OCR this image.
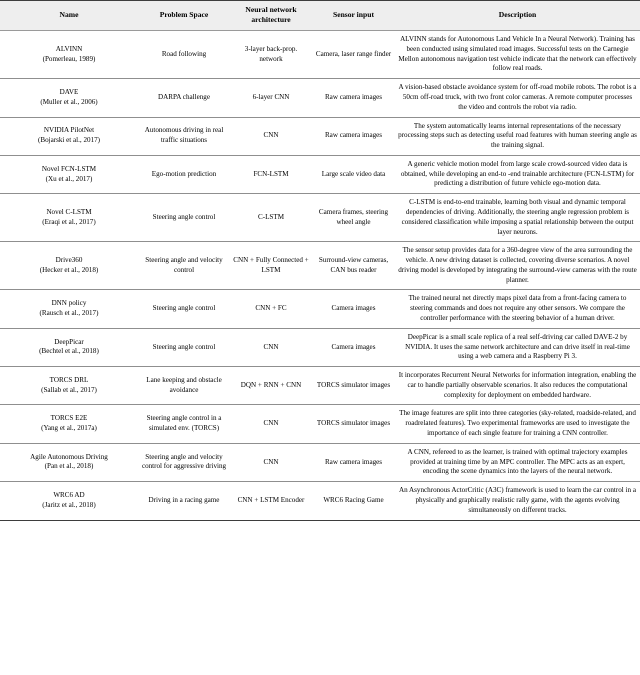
Name	Problem Space	Neural network architecture	Sensor input	Description

ALVINN
(Pomerleau, 1989)	Road following	3-layer back-prop. network	Camera, laser range finder	ALVINN stands for Autonomous Land Vehicle In a Neural Network). Training has been conducted using simulated road images. Successful tests on the Carnegie Mellon autonomous navigation test vehicle indicate that the network can effectively follow real roads.

DAVE
(Muller et al., 2006)	DARPA challenge	6-layer CNN	Raw camera images	A vision-based obstacle avoidance system for off-road mobile robots. The robot is a 50cm off-road truck, with two front color cameras. A remote computer processes the video and controls the robot via radio.

NVIDIA PilotNet
(Bojarski et al., 2017)	Autonomous driving in real traffic situations	CNN	Raw camera images	The system automatically learns internal representations of the necessary processing steps such as detecting useful road features with human steering angle as the training signal.

Novel FCN-LSTM
(Xu et al., 2017)	Ego-motion prediction	FCN-LSTM	Large scale video data	A generic vehicle motion model from large scale crowd-sourced video data is obtained, while developing an end-to -end trainable architecture (FCN-LSTM) for predicting a distribution of future vehicle ego-motion data.

Novel C-LSTM
(Eraqi et al., 2017)	Steering angle control	C-LSTM	Camera frames, steering wheel angle	C-LSTM is end-to-end trainable, learning both visual and dynamic temporal dependencies of driving. Additionally, the steering angle regression problem is considered classification while imposing a spatial relationship between the output layer neurons.

Drive360
(Hecker et al., 2018)	Steering angle and velocity control	CNN + Fully Connected + LSTM	Surround-view cameras, CAN bus reader	The sensor setup provides data for a 360-degree view of the area surrounding the vehicle. A new driving dataset is collected, covering diverse scenarios. A novel driving model is developed by integrating the surround-view cameras with the route planner.

DNN policy
(Rausch et al., 2017)	Steering angle control	CNN + FC	Camera images	The trained neural net directly maps pixel data from a front-facing camera to steering commands and does not require any other sensors. We compare the controller performance with the steering behavior of a human driver.

DeepPicar
(Bechtel et al., 2018)	Steering angle control	CNN	Camera images	DeepPicar is a small scale replica of a real self-driving car called DAVE-2 by NVIDIA. It uses the same network architecture and can drive itself in real-time using a web camera and a Raspberry Pi 3.

TORCS DRL
(Sallab et al., 2017)	Lane keeping and obstacle avoidance	DQN + RNN + CNN	TORCS simulator images	It incorporates Recurrent Neural Networks for information integration, enabling the car to handle partially observable scenarios. It also reduces the computational complexity for deployment on embedded hardware.

TORCS E2E
(Yang et al., 2017a)	Steering angle control in a simulated env. (TORCS)	CNN	TORCS simulator images	The image features are split into three categories (sky-related, roadside-related, and roadrelated features). Two experimental frameworks are used to investigate the importance of each single feature for training a CNN controller.

Agile Autonomous Driving
(Pan et al., 2018)	Steering angle and velocity control for aggressive driving	CNN	Raw camera images	A CNN, refereed to as the learner, is trained with optimal trajectory examples provided at training time by an MPC controller. The MPC acts as an expert, encoding the scene dynamics into the layers of the neural network.

WRC6 AD
(Jaritz et al., 2018)	Driving in a racing game	CNN + LSTM Encoder	WRC6 Racing Game	An Asynchronous ActorCritic (A3C) framework is used to learn the car control in a physically and graphically realistic rally game, with the agents evolving simultaneously on different tracks.
